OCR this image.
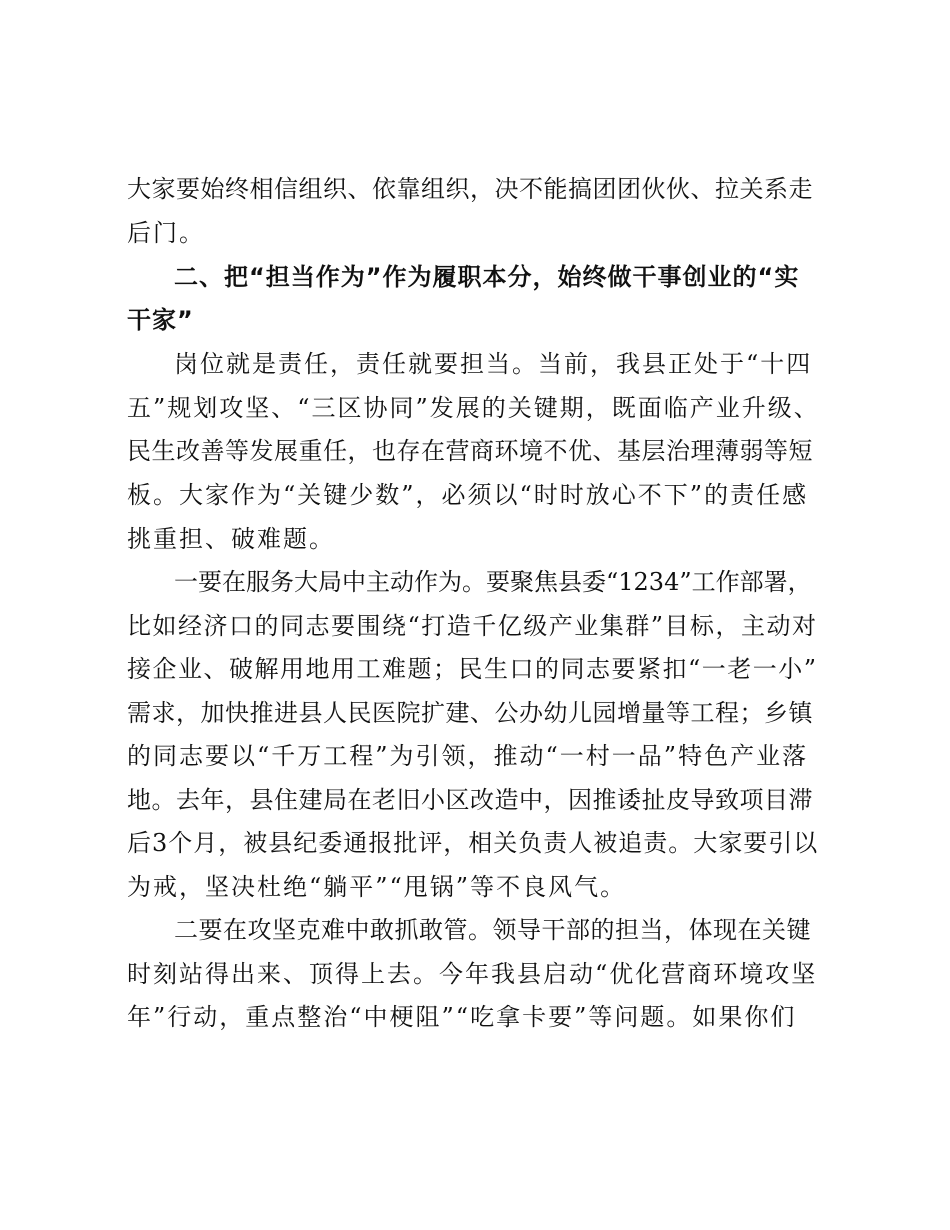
大家要始终相信组织、依靠组织，决不能搞团团伙伙、拉关系走
后门。
二、把“担当作为”作为履职本分，始终做干事创业的“实
干家”
岗位就是责任，责任就要担当。当前，我县正处于“十四
五”规划攻坚、“三区协同”发展的关键期，既面临产业升级、
民生改善等发展重任，也存在营商环境不优、基层治理薄弱等短
板。大家作为“关键少数”，必须以“时时放心不下”的责任感
挑重担、破难题。
一要在服务大局中主动作为。要聚焦县委“1234”工作部署，
比如经济口的同志要围绕“打造千亿级产业集群”目标，主动对
接企业、破解用地用工难题；民生口的同志要紧扣“一老一小”
需求，加快推进县人民医院扩建、公办幼儿园增量等工程；乡镇
的同志要以“千万工程”为引领，推动“一村一品”特色产业落
地。去年，县住建局在老旧小区改造中，因推诿扯皮导致项目滞
后3个月，被县纪委通报批评，相关负责人被追责。大家要引以
为戒，坚决杜绝“躺平”“甩锅”等不良风气。
二要在攻坚克难中敢抓敢管。领导干部的担当，体现在关键
时刻站得出来、顶得上去。今年我县启动“优化营商环境攻坚
年”行动，重点整治“中梗阻”“吃拿卡要”等问题。如果你们
